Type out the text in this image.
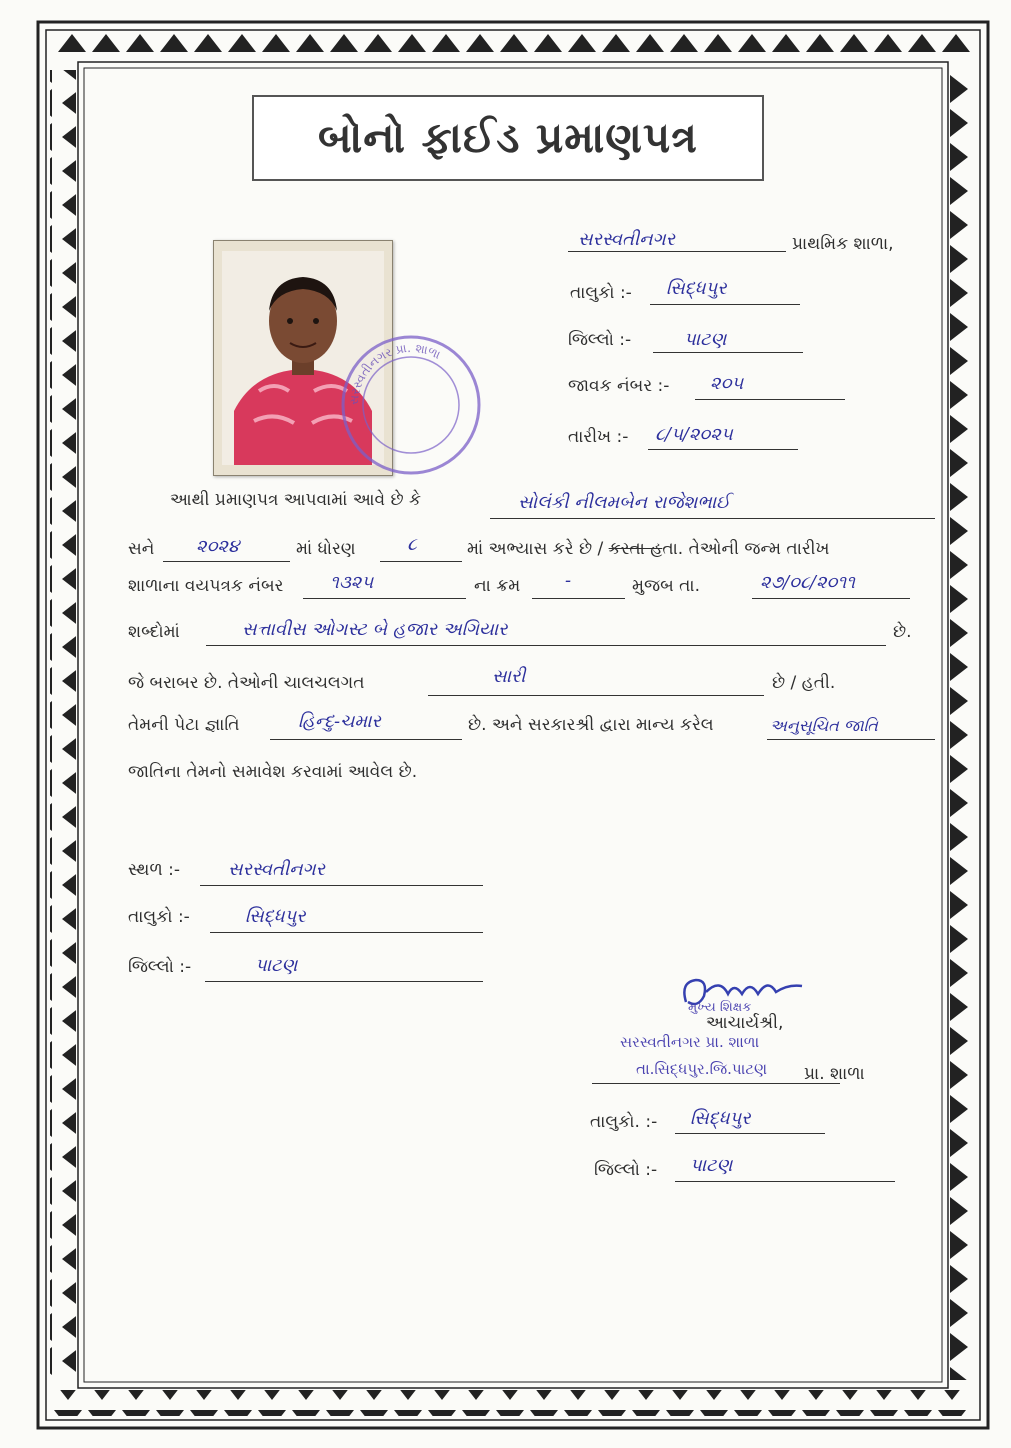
બોનો ફાઈડ પ્રમાણપત્ર
સરસ્વતીનગર પ્રા. શાળા
સરસ્વતીનગર	પ્રાથમિક શાળા,
તાલુકો :- સિદ્ધપુર
જિલ્લો :-	પાટણ
જાવક નંબર :- ૨૦૫
તારીખ :- ૮/૫/૨૦૨૫
આથી પ્રમાણપત્ર આપવામાં આવે છે કે	સોલંકી નીલમબેન રાજેશભાઈ
સને ૨૦૨૪	માં ધોરણ	૮	માં અભ્યાસ કરે છે / કરતા હતા. તેઓની જન્મ તારીખ
શાળાના વયપત્રક નંબર	૧૩૨૫	ના ક્રમ -	મુજબ તા.	૨૭/૦૮/૨૦૧૧
શબ્દોમાં	સત્તાવીસ ઓગસ્ટ બે હજાર અગિયાર	છે.
જે બરાબર છે. તેઓની ચાલચલગત	સારી	છે / હતી.
તેમની પેટા જ્ઞાતિ	હિન્દુ-ચમાર	છે. અને સરકારશ્રી દ્વારા માન્ય કરેલ	અનુસૂચિત જાતિ
જાતિના તેમનો સમાવેશ કરવામાં આવેલ છે.
સ્થળ :-	સરસ્વતીનગર
તાલુકો :-	સિદ્ધપુર
જિલ્લો :-	પાટણ
મુખ્ય શિક્ષક
આચાર્યશ્રી,
સરસ્વતીનગર પ્રા. શાળા
તા.સિદ્ધપુર.જિ.પાટણ પ્રા. શાળા
તાલુકો. :- સિદ્ધપુર
જિલ્લો :- પાટણ
